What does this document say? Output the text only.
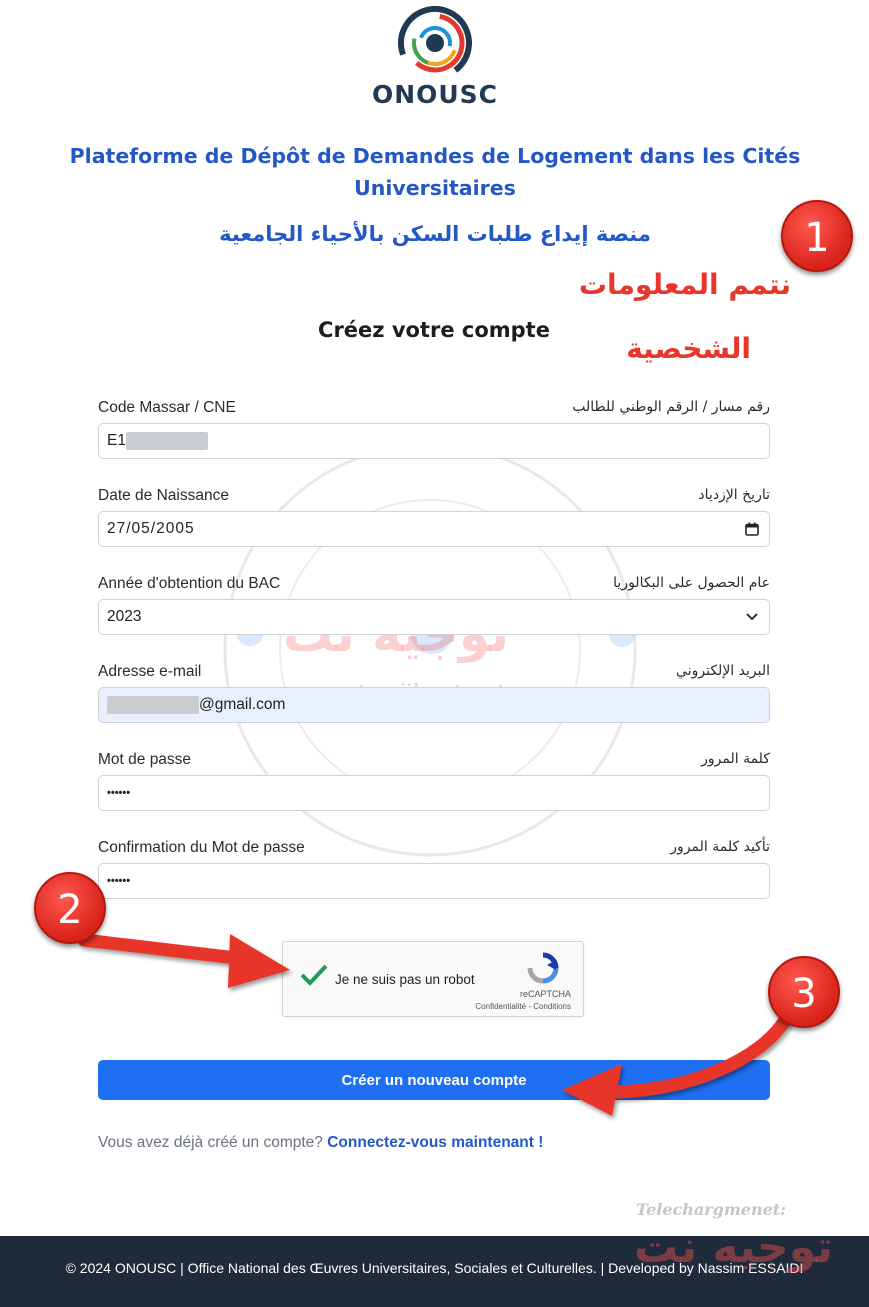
ONOUSC
Plateforme de Dépôt de Demandes de Logement dans les Cités Universitaires
منصة إيداع طلبات السكن بالأحياء الجامعية	1
نتمم المعلومات
الشخصية
Créez votre compte
Code Massar / CNE	رقم مسار / الرقم الوطني للطالب
E1
Date de Naissance	تاريخ الإزدياد
27/05/2005
Année d'obtention du BAC	عام الحصول على البكالوريا
2023
Adresse e-mail	البريد الإلكتروني
@gmail.com
Mot de passe	كلمة المرور
••••••
Confirmation du Mot de passe	تأكيد كلمة المرور
••••••
Je ne suis pas un robot
reCAPTCHA
Confidentialité - Conditions
Créer un nouveau compte
Vous avez déjà créé un compte? Connectez-vous maintenant !
Telechargmenet:
© 2024 ONOUSC | Office National des Œuvres Universitaires, Sociales et Culturelles. | Developed by Nassim ESSAIDI
توجيه نت
2
3
